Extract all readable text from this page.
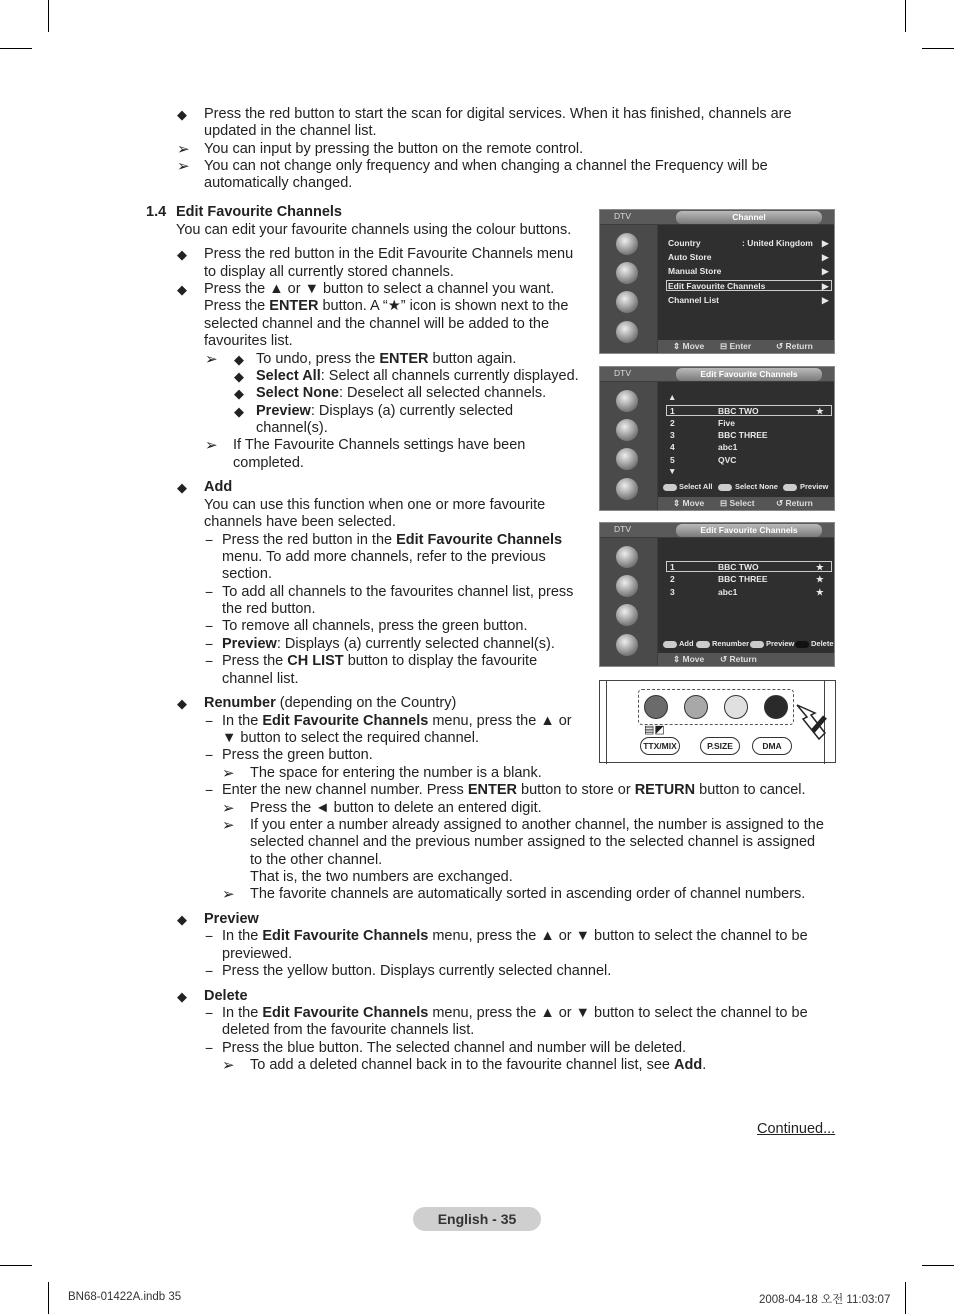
◆ Press the red button to start the scan for digital services. When it has finished, channels are
updated in the channel list.
➢ You can input by pressing the button on the remote control.
➢ You can not change only frequency and when changing a channel the Frequency will be
automatically changed.
1.4 Edit Favourite Channels
You can edit your favourite channels using the colour buttons.
◆ Press the red button in the Edit Favourite Channels menu
to display all currently stored channels.
◆ Press the ▲ or ▼ button to select a channel you want.
Press the ENTER button. A “★” icon is shown next to the
selected channel and the channel will be added to the
favourites list.
➢ ◆ To undo, press the ENTER button again.
◆ Select All: Select all channels currently displayed.
◆ Select None: Deselect all selected channels.
◆ Preview: Displays (a) currently selected
channel(s).
➢ If The Favourite Channels settings have been
completed.
◆ Add
You can use this function when one or more favourite
channels have been selected.
− Press the red button in the Edit Favourite Channels
menu. To add more channels, refer to the previous
section.
− To add all channels to the favourites channel list, press
the red button.
− To remove all channels, press the green button.
− Preview: Displays (a) currently selected channel(s).
− Press the CH LIST button to display the favourite
channel list.
◆ Renumber (depending on the Country)
− In the Edit Favourite Channels menu, press the ▲ or
▼ button to select the required channel.
− Press the green button.
➢ The space for entering the number is a blank.
− Enter the new channel number. Press ENTER button to store or RETURN button to cancel.
➢ Press the ◄ button to delete an entered digit.
➢ If you enter a number already assigned to another channel, the number is assigned to the
selected channel and the previous number assigned to the selected channel is assigned
to the other channel.
That is, the two numbers are exchanged.
➢ The favorite channels are automatically sorted in ascending order of channel numbers.
◆ Preview
− In the Edit Favourite Channels menu, press the ▲ or ▼ button to select the channel to be
previewed.
− Press the yellow button. Displays currently selected channel.
◆ Delete
− In the Edit Favourite Channels menu, press the ▲ or ▼ button to select the channel to be
deleted from the favourite channels list.
− Press the blue button. The selected channel and number will be deleted.
➢ To add a deleted channel back in to the favourite channel list, see Add.
Continued...
DTV	Channel
Country	: United Kingdom ▶
Auto Store	▶
Manual Store	▶
Edit Favourite Channels	▶
Channel List	▶
⇕ Move ⊟ Enter	↺ Return
DTV	Edit Favourite Channels
▲
1	BBC TWO	★
2	Five
3	BBC THREE
4	abc1
5	QVC
▼
Select All	Select None	Preview
⇕ Move ⊟ Select	↺ Return
DTV	Edit Favourite Channels
1	BBC TWO	★
2	BBC THREE	★
3	abc1	★
Add Renumber Preview Delete
⇕ Move ↺ Return
▤◩
TTX/MIX	P.SIZE	DMA
English - 35
BN68-01422A.indb 35	2008-04-18 오전 11:03:07
